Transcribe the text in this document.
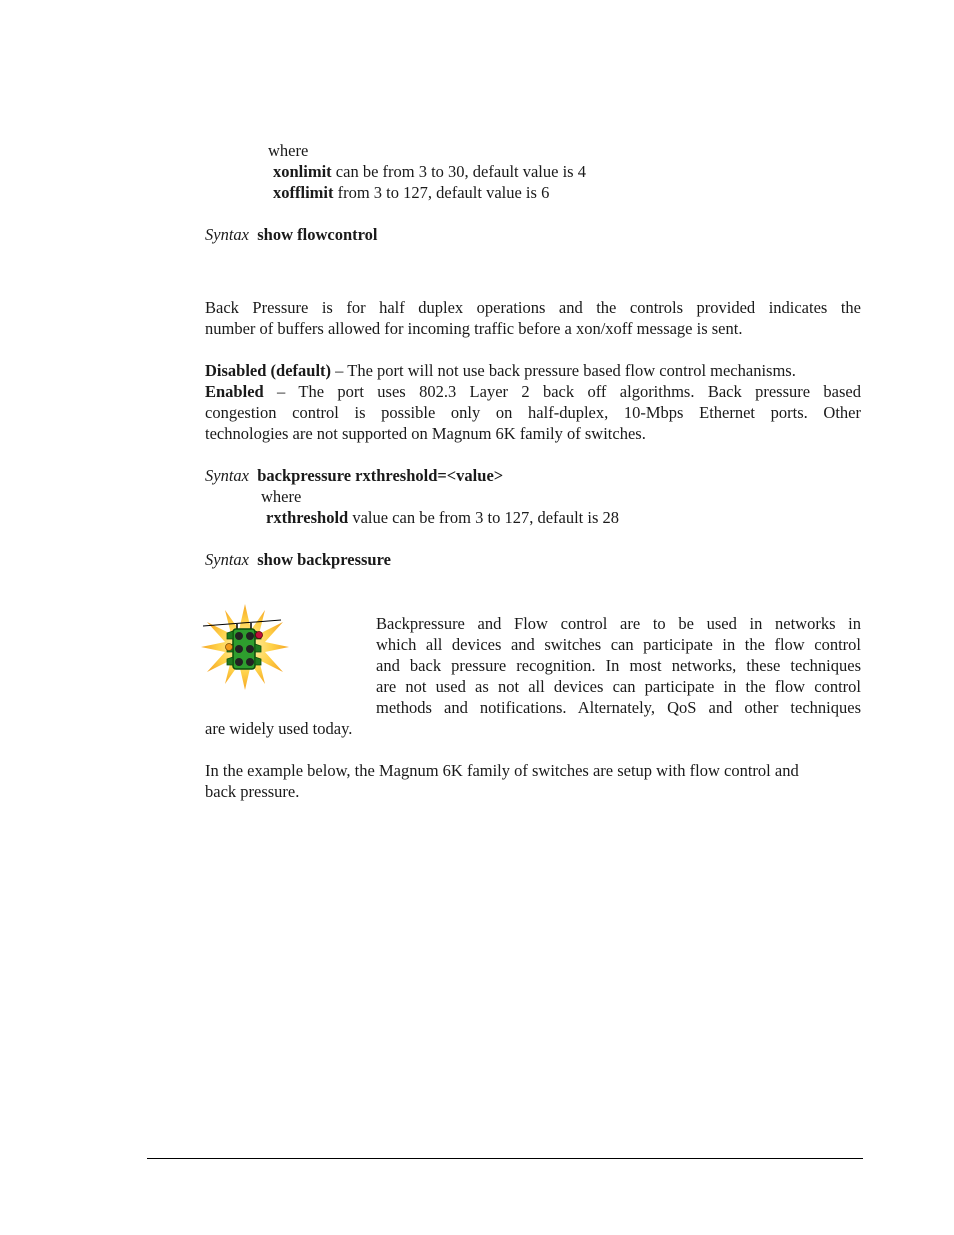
where
xonlimit can be from 3 to 30, default value is 4
xofflimit from 3 to 127, default value is 6
Syntax show flowcontrol
Back Pressure is for half duplex operations and the controls provided indicates the
number of buffers allowed for incoming traffic before a xon/xoff message is sent.
Disabled (default) – The port will not use back pressure based flow control mechanisms.
Enabled – The port uses 802.3 Layer 2 back off algorithms. Back pressure based
congestion control is possible only on half-duplex, 10-Mbps Ethernet ports. Other
technologies are not supported on Magnum 6K family of switches.
Syntax backpressure rxthreshold=<value>
where
rxthreshold value can be from 3 to 127, default is 28
Syntax show backpressure
Backpressure and Flow control are to be used in networks in
which all devices and switches can participate in the flow control
and back pressure recognition. In most networks, these techniques
are not used as not all devices can participate in the flow control
methods and notifications. Alternately, QoS and other techniques
are widely used today.
In the example below, the Magnum 6K family of switches are setup with flow control and
back pressure.
